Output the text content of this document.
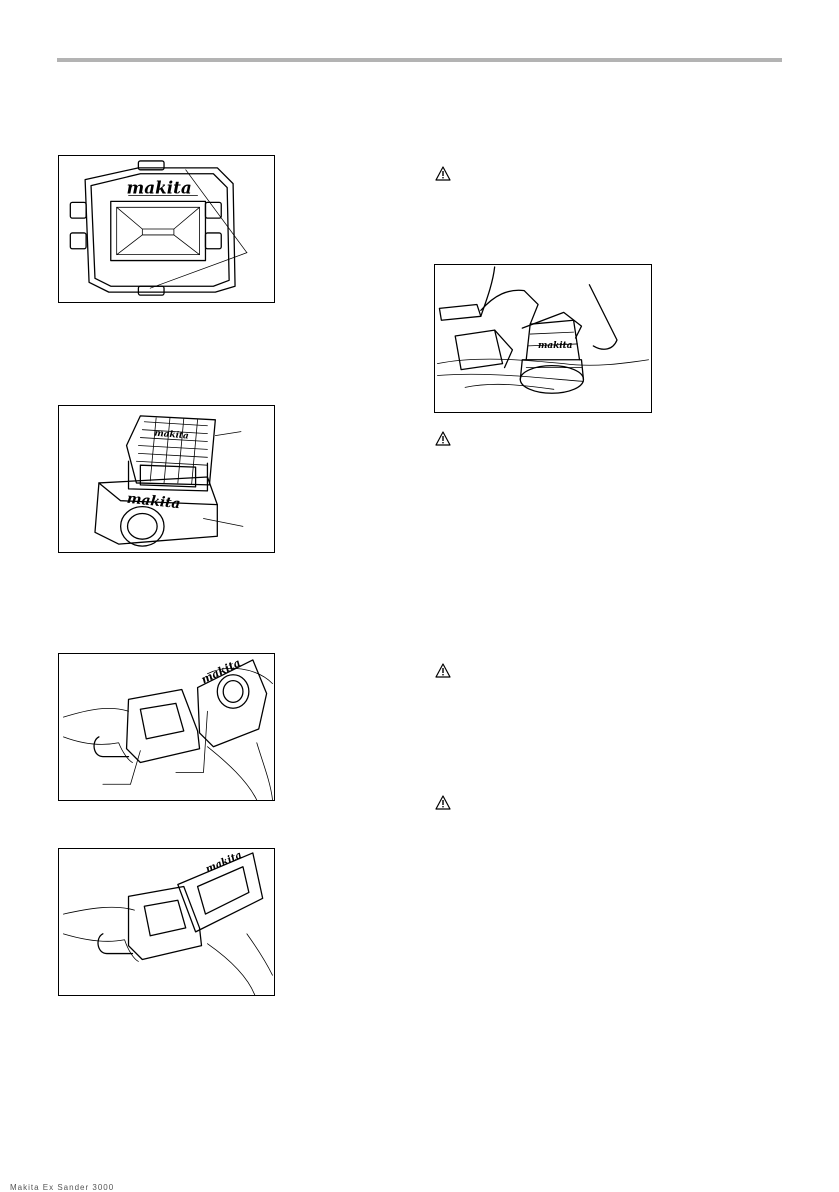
makita
makita
makita
makita
makita
makita
Makita Ex Sander 3000
